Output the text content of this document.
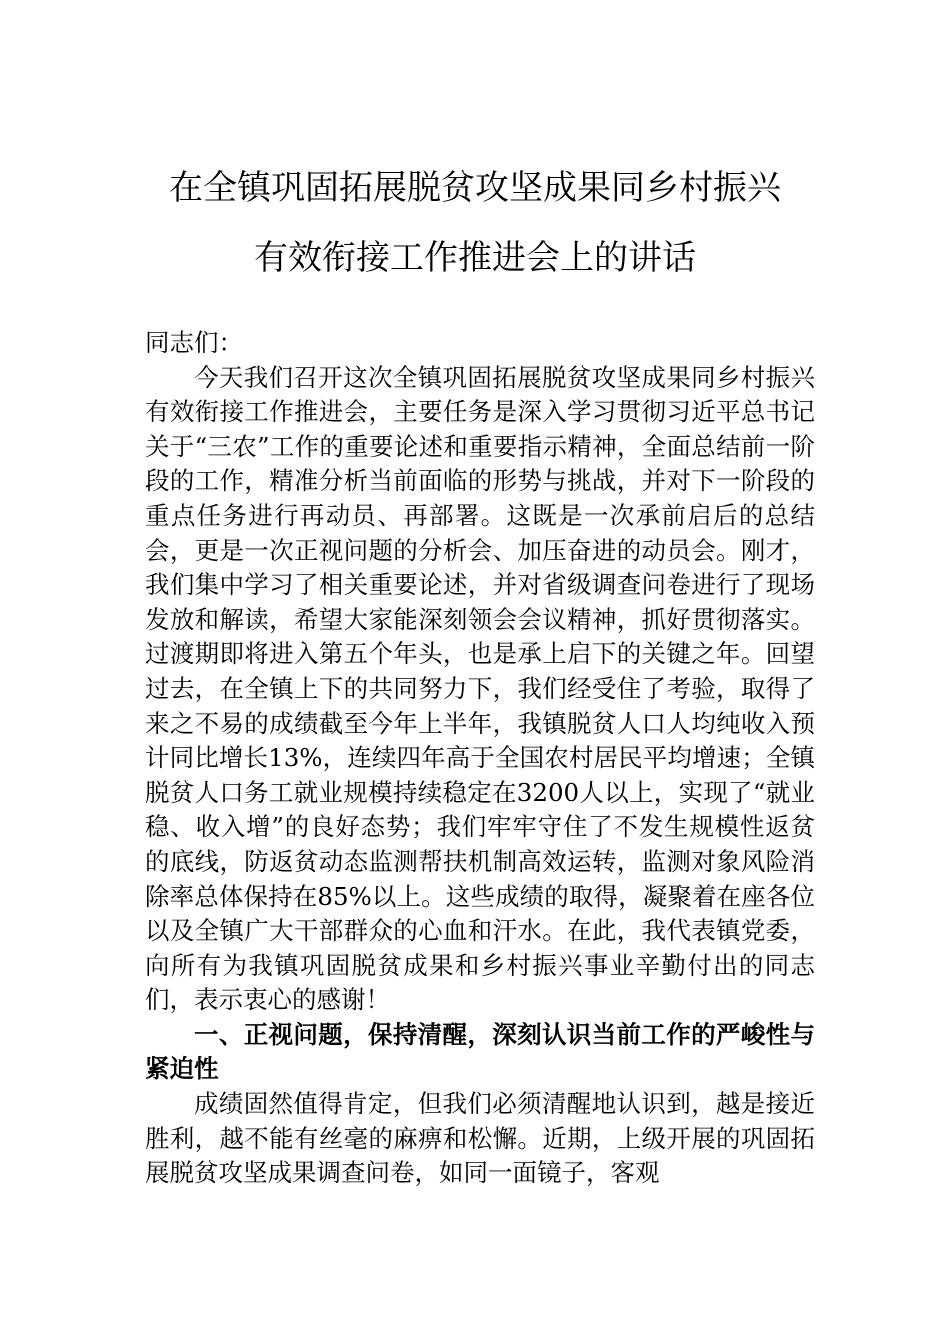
在全镇巩固拓展脱贫攻坚成果同乡村振兴
有效衔接工作推进会上的讲话

同志们：

今天我们召开这次全镇巩固拓展脱贫攻坚成果同乡村振兴有效衔接工作推进会，主要任务是深入学习贯彻习近平总书记关于“三农”工作的重要论述和重要指示精神，全面总结前一阶段的工作，精准分析当前面临的形势与挑战，并对下一阶段的重点任务进行再动员、再部署。这既是一次承前启后的总结会，更是一次正视问题的分析会、加压奋进的动员会。刚才，我们集中学习了相关重要论述，并对省级调查问卷进行了现场发放和解读，希望大家能深刻领会会议精神，抓好贯彻落实。过渡期即将进入第五个年头，也是承上启下的关键之年。回望过去，在全镇上下的共同努力下，我们经受住了考验，取得了来之不易的成绩截至今年上半年，我镇脱贫人口人均纯收入预计同比增长13%，连续四年高于全国农村居民平均增速；全镇脱贫人口务工就业规模持续稳定在3200人以上，实现了“就业稳、收入增”的良好态势；我们牢牢守住了不发生规模性返贫的底线，防返贫动态监测帮扶机制高效运转，监测对象风险消除率总体保持在85%以上。这些成绩的取得，凝聚着在座各位以及全镇广大干部群众的心血和汗水。在此，我代表镇党委，向所有为我镇巩固脱贫成果和乡村振兴事业辛勤付出的同志们，表示衷心的感谢！

一、正视问题，保持清醒，深刻认识当前工作的严峻性与紧迫性

成绩固然值得肯定，但我们必须清醒地认识到，越是接近胜利，越不能有丝毫的麻痹和松懈。近期，上级开展的巩固拓展脱贫攻坚成果调查问卷，如同一面镜子，客观
